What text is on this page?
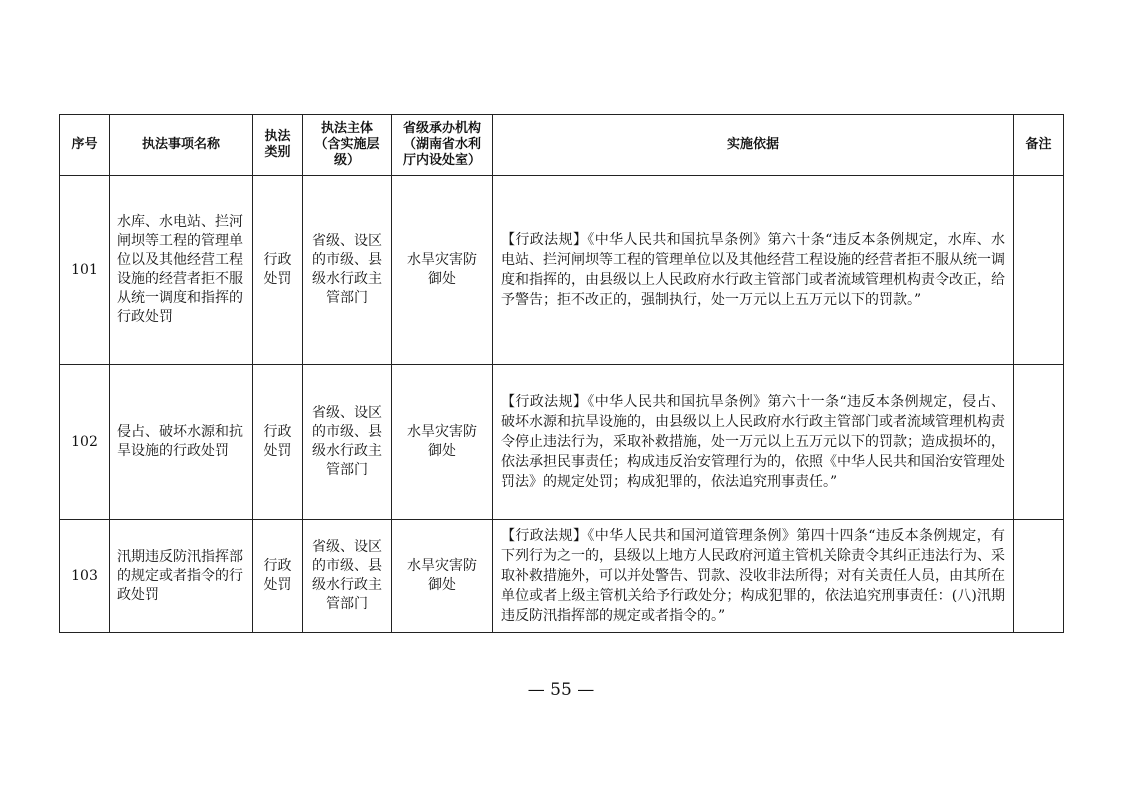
序号	执法事项名称	执法类别	执法主体（含实施层级）	省级承办机构（湖南省水利厅内设处室）	实施依据	备注
101	水库、水电站、拦河闸坝等工程的管理单位以及其他经营工程设施的经营者拒不服从统一调度和指挥的行政处罚	行政处罚	省级、设区的市级、县级水行政主管部门	水旱灾害防御处	【行政法规】《中华人民共和国抗旱条例》第六十条“违反本条例规定，水库、水电站、拦河闸坝等工程的管理单位以及其他经营工程设施的经营者拒不服从统一调度和指挥的，由县级以上人民政府水行政主管部门或者流域管理机构责令改正，给予警告；拒不改正的，强制执行，处一万元以上五万元以下的罚款。”	
102	侵占、破坏水源和抗旱设施的行政处罚	行政处罚	省级、设区的市级、县级水行政主管部门	水旱灾害防御处	【行政法规】《中华人民共和国抗旱条例》第六十一条“违反本条例规定，侵占、破坏水源和抗旱设施的，由县级以上人民政府水行政主管部门或者流域管理机构责令停止违法行为，采取补救措施，处一万元以上五万元以下的罚款；造成损坏的，依法承担民事责任；构成违反治安管理行为的，依照《中华人民共和国治安管理处罚法》的规定处罚；构成犯罪的，依法追究刑事责任。”	
103	汛期违反防汛指挥部的规定或者指令的行政处罚	行政处罚	省级、设区的市级、县级水行政主管部门	水旱灾害防御处	【行政法规】《中华人民共和国河道管理条例》第四十四条“违反本条例规定，有下列行为之一的，县级以上地方人民政府河道主管机关除责令其纠正违法行为、采取补救措施外，可以并处警告、罚款、没收非法所得；对有关责任人员，由其所在单位或者上级主管机关给予行政处分；构成犯罪的，依法追究刑事责任：(八)汛期违反防汛指挥部的规定或者指令的。”	
— 55 —
